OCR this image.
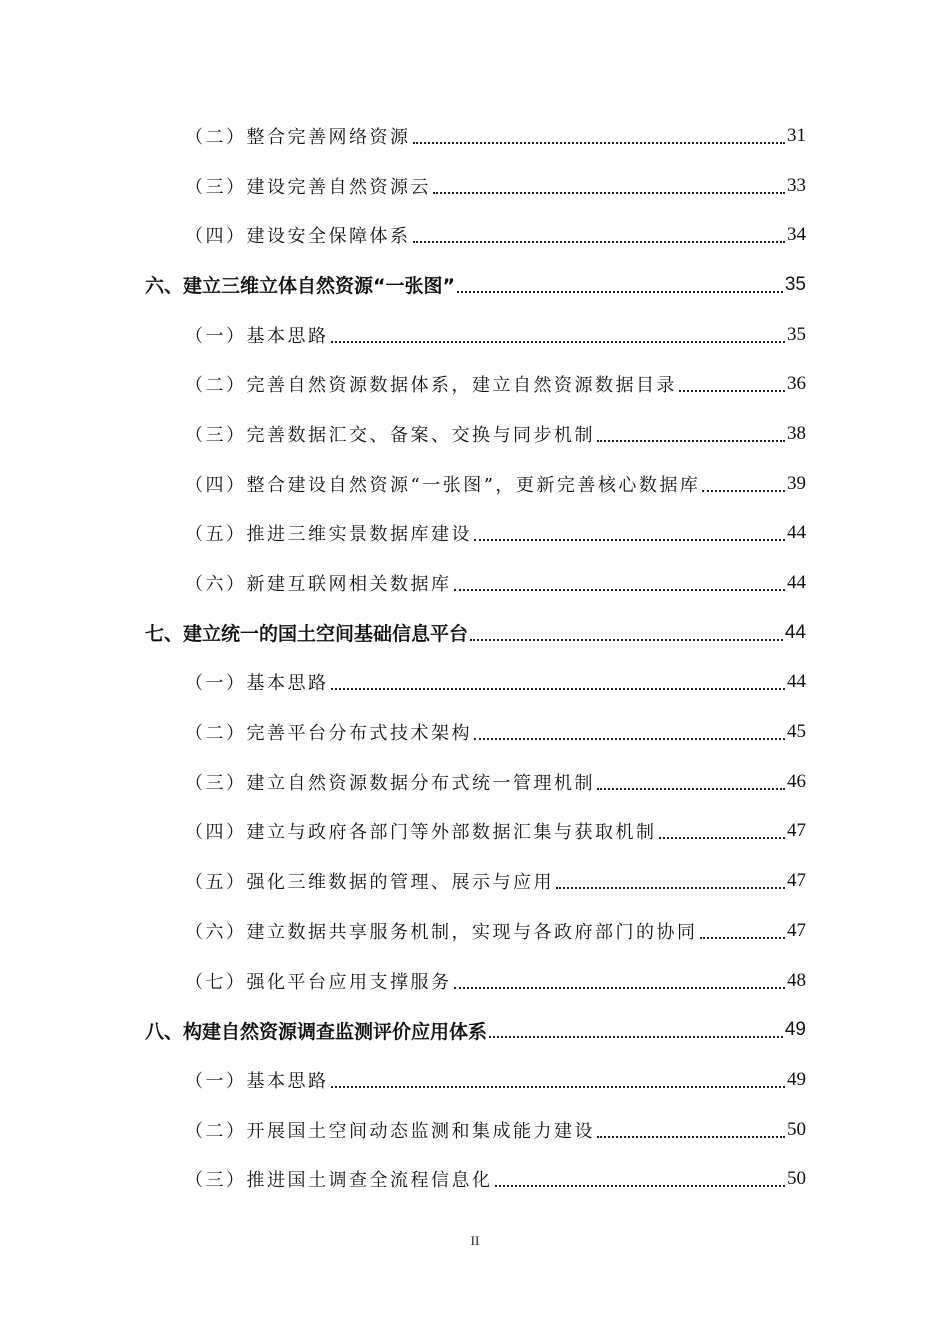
（二）整合完善网络资源	31
（三）建设完善自然资源云	33
（四）建设安全保障体系	34
六、建立三维立体自然资源“一张图”	35
（一）基本思路	35
（二）完善自然资源数据体系，建立自然资源数据目录	36
（三）完善数据汇交、备案、交换与同步机制	38
（四）整合建设自然资源“一张图”，更新完善核心数据库	39
（五）推进三维实景数据库建设	44
（六）新建互联网相关数据库	44
七、建立统一的国土空间基础信息平台	44
（一）基本思路	44
（二）完善平台分布式技术架构	45
（三）建立自然资源数据分布式统一管理机制	46
（四）建立与政府各部门等外部数据汇集与获取机制	47
（五）强化三维数据的管理、展示与应用	47
（六）建立数据共享服务机制，实现与各政府部门的协同	47
（七）强化平台应用支撑服务	48
八、构建自然资源调查监测评价应用体系	49
（一）基本思路	49
（二）开展国土空间动态监测和集成能力建设	50
（三）推进国土调查全流程信息化	50
II
